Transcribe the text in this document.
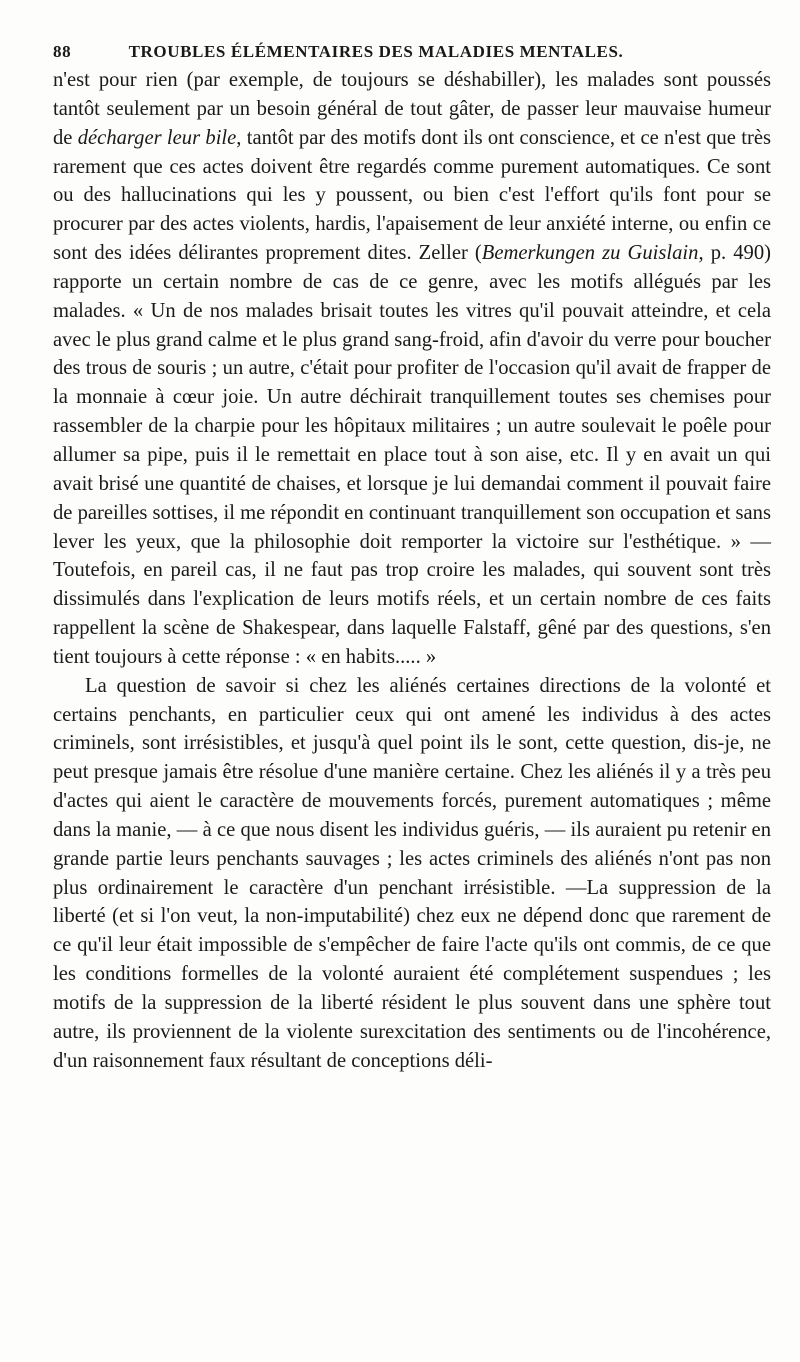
88	TROUBLES ÉLÉMENTAIRES DES MALADIES MENTALES.

n'est pour rien (par exemple, de toujours se déshabiller), les malades sont poussés tantôt seulement par un besoin général de tout gâter, de passer leur mauvaise humeur de décharger leur bile, tantôt par des motifs dont ils ont conscience, et ce n'est que très rarement que ces actes doivent être regardés comme purement automatiques. Ce sont ou des hallucinations qui les y poussent, ou bien c'est l'effort qu'ils font pour se procurer par des actes violents, hardis, l'apaisement de leur anxiété interne, ou enfin ce sont des idées délirantes proprement dites. Zeller (Bemerkungen zu Guislain, p. 490) rapporte un certain nombre de cas de ce genre, avec les motifs allégués par les malades. « Un de nos malades brisait toutes les vitres qu'il pouvait atteindre, et cela avec le plus grand calme et le plus grand sang-froid, afin d'avoir du verre pour boucher des trous de souris ; un autre, c'était pour profiter de l'occasion qu'il avait de frapper de la monnaie à cœur joie. Un autre déchirait tranquillement toutes ses chemises pour rassembler de la charpie pour les hôpitaux militaires ; un autre soulevait le poêle pour allumer sa pipe, puis il le remettait en place tout à son aise, etc. Il y en avait un qui avait brisé une quantité de chaises, et lorsque je lui demandai comment il pouvait faire de pareilles sottises, il me répondit en continuant tranquillement son occupation et sans lever les yeux, que la philosophie doit remporter la victoire sur l'esthétique. » — Toutefois, en pareil cas, il ne faut pas trop croire les malades, qui souvent sont très dissimulés dans l'explication de leurs motifs réels, et un certain nombre de ces faits rappellent la scène de Shakespear, dans laquelle Falstaff, gêné par des questions, s'en tient toujours à cette réponse : « en habits..... »

La question de savoir si chez les aliénés certaines directions de la volonté et certains penchants, en particulier ceux qui ont amené les individus à des actes criminels, sont irrésistibles, et jusqu'à quel point ils le sont, cette question, dis-je, ne peut presque jamais être résolue d'une manière certaine. Chez les aliénés il y a très peu d'actes qui aient le caractère de mouvements forcés, purement automatiques ; même dans la manie, — à ce que nous disent les individus guéris, — ils auraient pu retenir en grande partie leurs penchants sauvages ; les actes criminels des aliénés n'ont pas non plus ordinairement le caractère d'un penchant irrésistible. —La suppression de la liberté (et si l'on veut, la non-imputabilité) chez eux ne dépend donc que rarement de ce qu'il leur était impossible de s'empêcher de faire l'acte qu'ils ont commis, de ce que les conditions formelles de la volonté auraient été complétement suspendues ; les motifs de la suppression de la liberté résident le plus souvent dans une sphère tout autre, ils proviennent de la violente surexcitation des sentiments ou de l'incohérence, d'un raisonnement faux résultant de conceptions déli-
